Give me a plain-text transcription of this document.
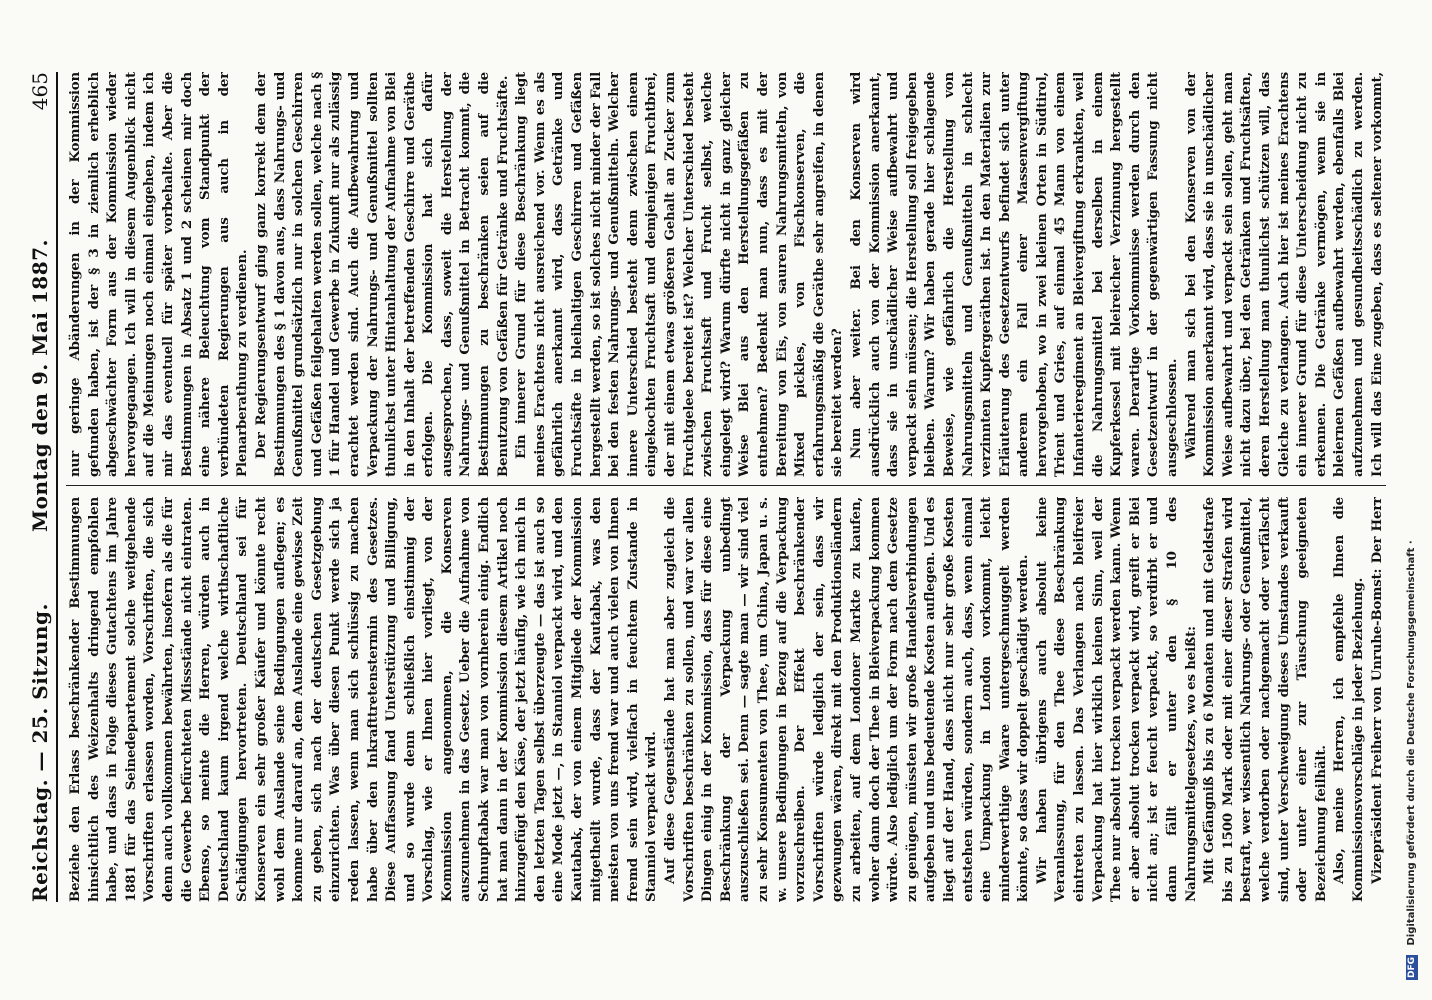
Reichstag. — 25. Sitzung.
Montag den 9. Mai 1887.
465

Beziehe den Erlass beschränkender Bestimmungen hinsichtlich des Weizenhalts dringend empfohlen habe, und dass in Folge dieses Gutachtens im Jahre 1881 für das Seinedepartement solche weitgehende Vorschriften erlassen worden, Vorschriften, die sich denn auch vollkommen bewährten, insofern als die für die Gewerbe befürchteten Missstände nicht eintraten. Ebenso, so meinte die Herren, würden auch in Deutschland kaum irgend welche wirthschaftliche Schädigungen hervortreten. Deutschland sei für Konserven ein sehr großer Käufer und könnte recht wohl dem Auslande seine Bedingungen auflegen; es komme nur darauf an, dem Auslande eine gewisse Zeit zu geben, sich nach der deutschen Gesetzgebung einzurichten. Was über diesen Punkt werde sich ja reden lassen, wenn man sich schlüssig zu machen habe über den Inkrafttretenstermin des Gesetzes. Diese Auffassung fand Unterstützung und Billigung, und so wurde denn schließlich einstimmig der Vorschlag, wie er Ihnen hier vorliegt, von der Kommission angenommen, die Konserven auszunehmen in das Gesetz. Ueber die Aufnahme von Schnupftabak war man von vornherein einig. Endlich hat man dann in der Kommission diesem Artikel noch hinzugefügt den Käse, der jetzt häufig, wie ich mich in den letzten Tagen selbst überzeugte — das ist auch so eine Mode jetzt —, in Stanniol verpackt wird, und den Kautabak, der von einem Mitgliede der Kommission mitgetheilt wurde, dass der Kautabak, was den meisten von uns fremd war und auch vielen von Ihnen fremd sein wird, vielfach in feuchtem Zustande in Stanniol verpackt wird. Auf diese Gegenstände hat man aber zugleich die Vorschriften beschränken zu sollen, und war vor allen Dingen einig in der Kommission, dass für diese eine Beschränkung der Verpackung unbedingt auszuschließen sei. Denn — sagte man — wir sind viel zu sehr Konsumenten von Thee, um China, Japan u. s. w. unsere Bedingungen in Bezug auf die Verpackung vorzuschreiben. Der Effekt beschränkender Vorschriften würde lediglich der sein, dass wir gezwungen wären, direkt mit den Produktionsländern zu arbeiten, auf dem Londoner Markte zu kaufen, woher dann doch der Thee in Bleiverpackung kommen würde. Also lediglich um der Form nach dem Gesetze zu genügen, müssten wir große Handelsverbindungen aufgeben und uns bedeutende Kosten auflegen. Und es liegt auf der Hand, dass nicht nur sehr große Kosten entstehen würden, sondern auch, dass, wenn einmal eine Umpackung in London vorkommt, leicht minderwerthige Waare untergeschmuggelt werden könnte, so dass wir doppelt geschädigt werden. Wir haben übrigens auch absolut keine Veranlassung, für den Thee diese Beschränkung eintreten zu lassen. Das Verlangen nach bleifreier Verpackung hat hier wirklich keinen Sinn, weil der Thee nur absolut trocken verpackt werden kann. Wenn er aber absolut trocken verpackt wird, greift er Blei nicht an; ist er feucht verpackt, so verdirbt er und dann fällt er unter den § 10 des Nahrungsmittelgesetzes, wo es heißt: Mit Gefängniß bis zu 6 Monaten und mit Geldstrafe bis zu 1500 Mark oder mit einer dieser Strafen wird bestraft, wer wissentlich Nahrungs- oder Genußmittel, welche verdorben oder nachgemacht oder verfälscht sind, unter Verschweigung dieses Umstandes verkauft oder unter einer zur Täuschung geeigneten Bezeichnung feilhält. Also, meine Herren, ich empfehle Ihnen die Kommissionsvorschläge in jeder Beziehung. Vizepräsident Freiherr von Unruhe-Bomst: Der Herr

nur geringe Abänderungen in der Kommission gefunden haben, ist der § 3 in ziemlich erheblich abgeschwächter Form aus der Kommission wieder hervorgegangen. Ich will in diesem Augenblick nicht auf die Meinungen noch einmal eingehen, indem ich mir das eventuell für später vorbehalte. Aber die Bestimmungen in Absatz 1 und 2 scheinen mir doch eine nähere Beleuchtung vom Standpunkt der verbündeten Regierungen aus auch in der Plenarberathung zu verdienen. Der Regierungsentwurf ging ganz korrekt dem der Bestimmungen des § 1 davon aus, dass Nahrungs- und Genußmittel grundsätzlich nur in solchen Geschirren und Gefäßen feilgehalten werden sollen, welche nach § 1 für Handel und Gewerbe in Zukunft nur als zulässig erachtet werden sind. Auch die Aufbewahrung und Verpackung der Nahrungs- und Genußmittel sollten thunlichst unter Hintanhaltung der Aufnahme von Blei in den Inhalt der betreffenden Geschirre und Geräthe erfolgen. Die Kommission hat sich dafür ausgesprochen, dass, soweit die Herstellung der Nahrungs- und Genußmittel in Betracht kommt, die Bestimmungen zu beschränken seien auf die Benutzung von Gefäßen für Getränke und Fruchtsäfte. Ein innerer Grund für diese Beschränkung liegt meines Erachtens nicht ausreichend vor. Wenn es als gefährlich anerkannt wird, dass Getränke und Fruchtsäfte in bleihaltigen Geschirren und Gefäßen hergestellt werden, so ist solches nicht minder der Fall bei den festen Nahrungs- und Genußmitteln. Welcher innere Unterschied besteht denn zwischen einem eingekochten Fruchtsaft und demjenigen Fruchtbrei, der mit einem etwas größeren Gehalt an Zucker zum Fruchtgelee bereitet ist? Welcher Unterschied besteht zwischen Fruchtsaft und Frucht selbst, welche eingelegt wird? Warum dürfte nicht in ganz gleicher Weise Blei aus den Herstellungsgefäßen zu entnehmen? Bedenkt man nun, dass es mit der Bereitung von Eis, von sauren Nahrungsmitteln, von Mixed pickles, von Fischkonserven, die erfahrungsmäßig die Geräthe sehr angreifen, in denen sie bereitet werden? Nun aber weiter. Bei den Konserven wird ausdrücklich auch von der Kommission anerkannt, dass sie in unschädlicher Weise aufbewahrt und verpackt sein müssen; die Herstellung soll freigegeben bleiben. Warum? Wir haben gerade hier schlagende Beweise, wie gefährlich die Herstellung von Nahrungsmitteln und Genußmitteln in schlecht verzinnten Kupfergeräthen ist. In den Materialien zur Erläuterung des Gesetzentwurfs befindet sich unter anderem ein Fall einer Massenvergiftung hervorgehoben, wo in zwei kleinen Orten in Südtirol, Trient und Gries, auf einmal 45 Mann von einem Infanterieregiment an Bleivergiftung erkrankten, weil die Nahrungsmittel bei derselben in einem Kupferkessel mit bleireicher Verzinnung hergestellt waren. Derartige Vorkommnisse werden durch den Gesetzentwurf in der gegenwärtigen Fassung nicht ausgeschlossen. Während man sich bei den Konserven von der Kommission anerkannt wird, dass sie in unschädlicher Weise aufbewahrt und verpackt sein sollen, geht man nicht dazu über, bei den Getränken und Fruchtsäften, deren Herstellung man thunlichst schützen will, das Gleiche zu verlangen. Auch hier ist meines Erachtens ein innerer Grund für diese Unterscheidung nicht zu erkennen. Die Getränke vermögen, wenn sie in bleiernen Gefäßen aufbewahrt werden, ebenfalls Blei aufzunehmen und gesundheitsschädlich zu werden. Ich will das Eine zugeben, dass es seltener vorkommt,

DFG Digitalisierung gefördert durch die Deutsche Forschungsgemeinschaft ·
